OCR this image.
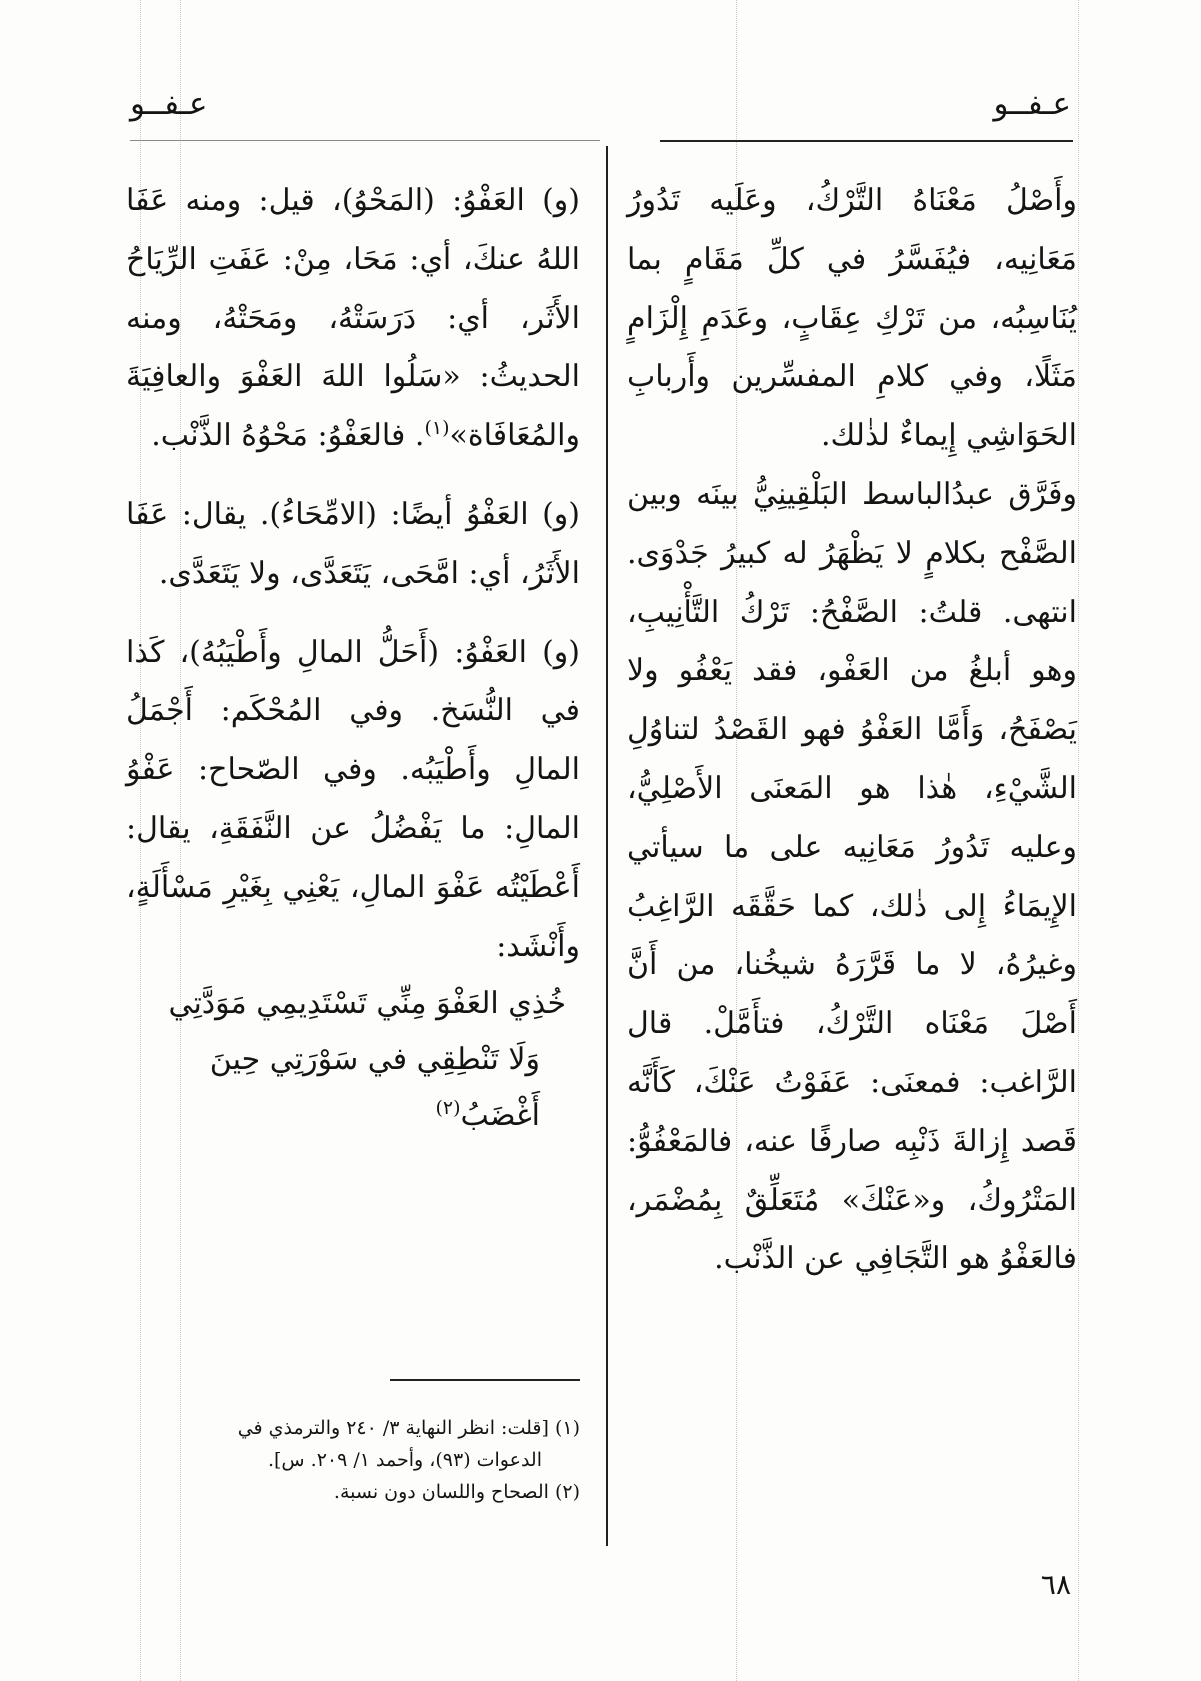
عـفــو
عـفــو

وأَصْلُ مَعْنَاهُ التَّرْكُ، وعَلَيه تَدُورُ مَعَانِيه، فيُفَسَّرُ في كلِّ مَقَامٍ بما يُنَاسِبُه، من تَرْكِ عِقَابٍ، وعَدَمِ إِلْزَامٍ مَثَلًا، وفي كلامِ المفسِّرين وأَربابِ الحَوَاشِي إِيماءٌ لذٰلك.

وفَرَّق عبدُالباسط البَلْقِينِيُّ بينَه وبين الصَّفْح بكلامٍ لا يَظْهَرُ له كبيرُ جَدْوَى. انتهى. قلتُ: الصَّفْحُ: تَرْكُ التَّأْنِيبِ، وهو أبلغُ من العَفْو، فقد يَعْفُو ولا يَصْفَحُ، وَأَمَّا العَفْوُ فهو القَصْدُ لتناوُلِ الشَّيْءِ، هٰذا هو المَعنَى الأَصْلِيُّ، وعليه تَدُورُ مَعَانِيه على ما سيأتي الإِيمَاءُ إِلى ذٰلك، كما حَقَّقَه الرَّاغِبُ وغيرُهُ، لا ما قَرَّرَهُ شيخُنا، من أَنَّ أَصْلَ مَعْنَاه التَّرْكُ، فتأَمَّلْ. قال الرَّاغب: فمعنَى: عَفَوْتُ عَنْكَ، كَأَنَّه قَصد إِزالةَ ذَنْبِه صارفًا عنه، فالمَعْفُوُّ: المَتْرُوكُ، و«عَنْكَ» مُتَعَلِّقٌ بِمُضْمَر، فالعَفْوُ هو التَّجَافِي عن الذَّنْب.

(و) العَفْوُ: (المَحْوُ)، قيل: ومنه عَفَا اللهُ عنكَ، أي: مَحَا، مِنْ: عَفَتِ الرِّيَاحُ الأَثَر، أي: دَرَسَتْهُ، ومَحَتْهُ، ومنه الحديثُ: «سَلُوا اللهَ العَفْوَ والعافِيَةَ والمُعَافَاة»$^{(١)}$. فالعَفْوُ: مَحْوُهُ الذَّنْب.

(و) العَفْوُ أيضًا: (الامِّحَاءُ). يقال: عَفَا الأَثَرُ، أي: امَّحَى، يَتَعَدَّى، ولا يَتَعَدَّى.

(و) العَفْوُ: (أَحَلُّ المالِ وأَطْيَبُهُ)، كَذا في النُّسَخ. وفي المُحْكَم: أَجْمَلُ المالِ وأَطْيَبُه. وفي الصّحاح: عَفْوُ المالِ: ما يَفْضُلُ عن النَّفَقَةِ، يقال: أَعْطَيْتُه عَفْوَ المالِ، يَعْنِي بِغَيْرِ مَسْأَلَةٍ، وأَنْشَد:

خُذِي العَفْوَ مِنِّي تَسْتَدِيمِي مَوَدَّتِي

وَلَا تَنْطِقِي في سَوْرَتِي حِينَ أَغْضَبُ$^{(٢)}$

(١) [قلت: انظر النهاية ٣/ ٢٤٠ والترمذي في

الدعوات (٩٣)، وأحمد ١/ ٢٠٩. س].

(٢) الصحاح واللسان دون نسبة.

٦٨
